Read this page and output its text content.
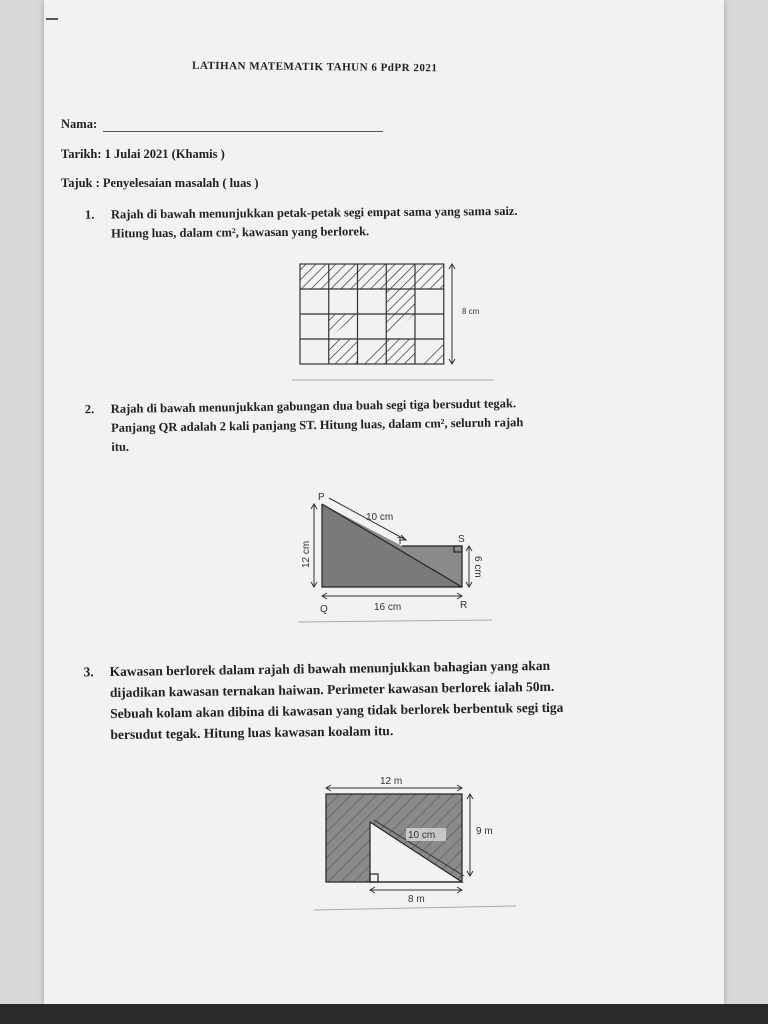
LATIHAN MATEMATIK TAHUN 6 PdPR 2021
Nama:
Tarikh: 1 Julai 2021 (Khamis )
Tajuk : Penyelesaian masalah ( luas )
1. Rajah di bawah menunjukkan petak-petak segi empat sama yang sama saiz.
Hitung luas, dalam cm², kawasan yang berlorek.
8 cm
2. Rajah di bawah menunjukkan gabungan dua buah segi tiga bersudut tegak.
Panjang QR adalah 2 kali panjang ST. Hitung luas, dalam cm², seluruh rajah
itu.
P
Q	R
S
T
10 cm
12 cm	6 cm
16 cm
3. Kawasan berlorek dalam rajah di bawah menunjukkan bahagian yang akan
dijadikan kawasan ternakan haiwan. Perimeter kawasan berlorek ialah 50m.
Sebuah kolam akan dibina di kawasan yang tidak berlorek berbentuk segi tiga
bersudut tegak. Hitung luas kawasan koalam itu.
12 m
10 cm	9 m
8 m
